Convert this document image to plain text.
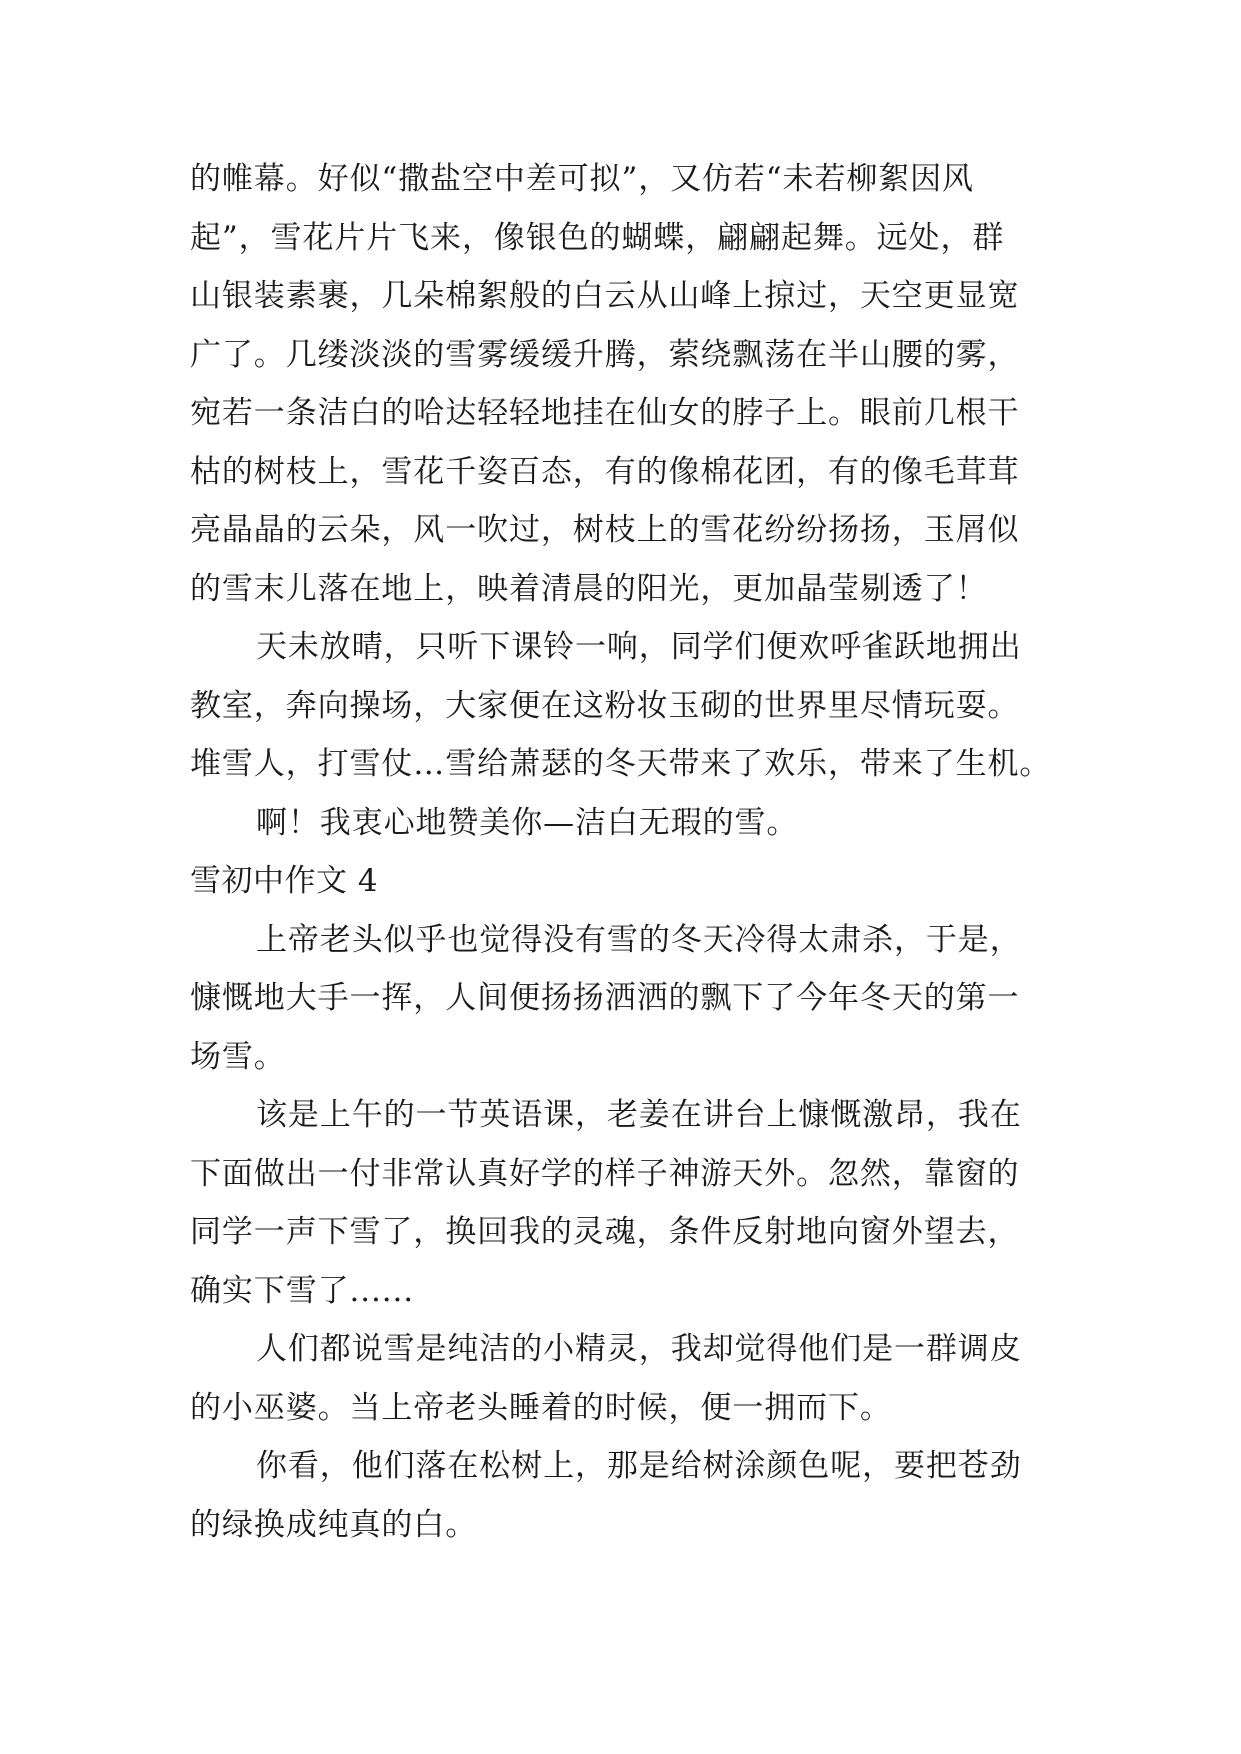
的帷幕。好似“撒盐空中差可拟”，又仿若“未若柳絮因风
起”，雪花片片飞来，像银色的蝴蝶，翩翩起舞。远处，群
山银装素裹，几朵棉絮般的白云从山峰上掠过，天空更显宽
广了。几缕淡淡的雪雾缓缓升腾，萦绕飘荡在半山腰的雾，
宛若一条洁白的哈达轻轻地挂在仙女的脖子上。眼前几根干
枯的树枝上，雪花千姿百态，有的像棉花团，有的像毛茸茸
亮晶晶的云朵，风一吹过，树枝上的雪花纷纷扬扬，玉屑似
的雪末儿落在地上，映着清晨的阳光，更加晶莹剔透了！
天未放晴，只听下课铃一响，同学们便欢呼雀跃地拥出
教室，奔向操场，大家便在这粉妆玉砌的世界里尽情玩耍。
堆雪人，打雪仗…雪给萧瑟的冬天带来了欢乐，带来了生机。
啊！我衷心地赞美你—洁白无瑕的雪。
雪初中作文 4
上帝老头似乎也觉得没有雪的冬天冷得太肃杀，于是，
慷慨地大手一挥，人间便扬扬洒洒的飘下了今年冬天的第一
场雪。
该是上午的一节英语课，老姜在讲台上慷慨激昂，我在
下面做出一付非常认真好学的样子神游天外。忽然，靠窗的
同学一声下雪了，换回我的灵魂，条件反射地向窗外望去，
确实下雪了......
人们都说雪是纯洁的小精灵，我却觉得他们是一群调皮
的小巫婆。当上帝老头睡着的时候，便一拥而下。
你看，他们落在松树上，那是给树涂颜色呢，要把苍劲
的绿换成纯真的白。
